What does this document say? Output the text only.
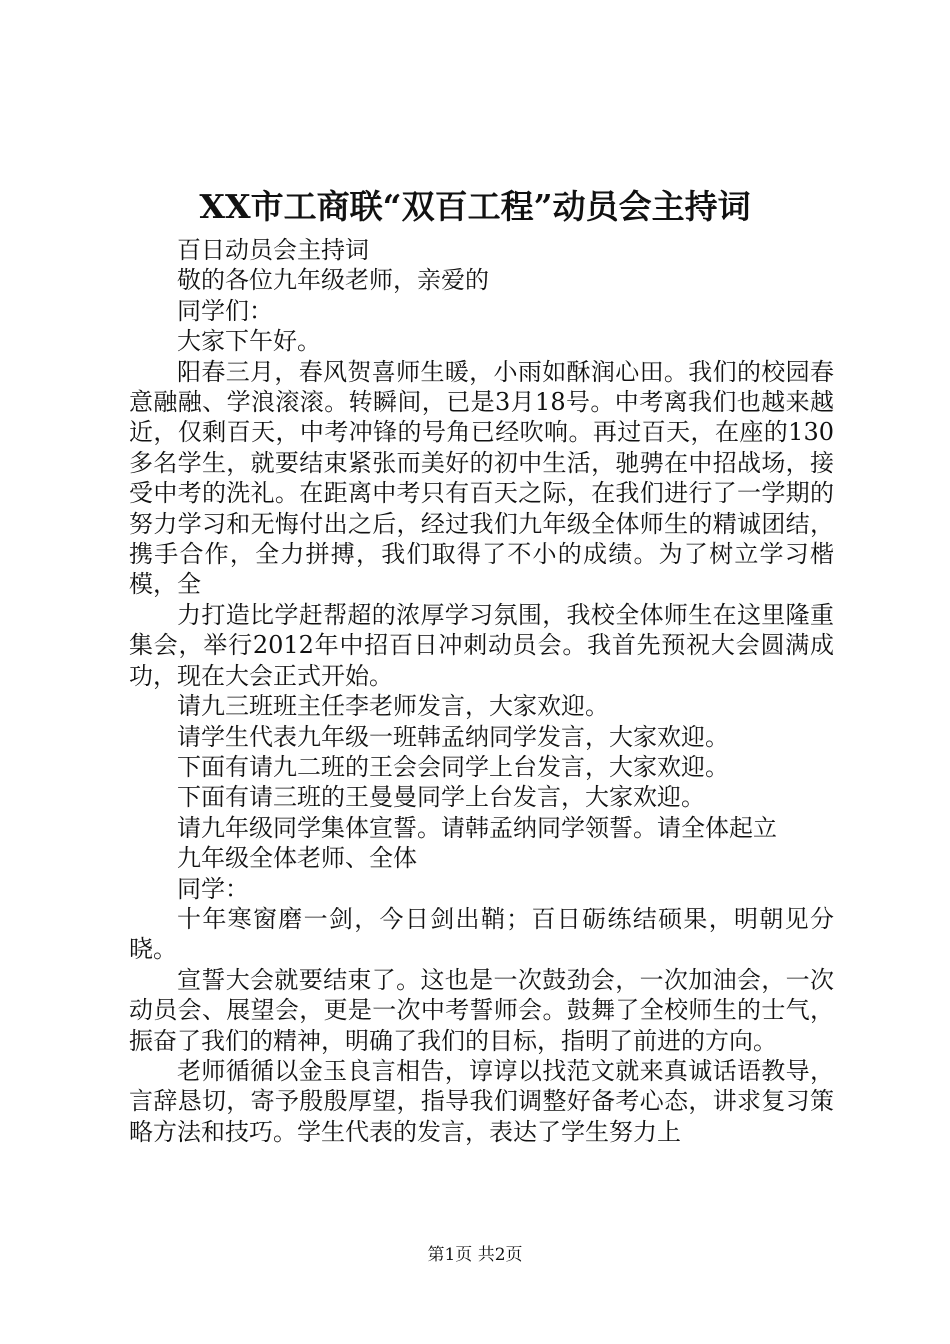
XX市工商联“双百工程”动员会主持词

百日动员会主持词

敬的各位九年级老师，亲爱的

同学们：

大家下午好。

阳春三月，春风贺喜师生暖，小雨如酥润心田。我们的校园春意融融、学浪滚滚。转瞬间，已是3月18号。中考离我们也越来越近，仅剩百天，中考冲锋的号角已经吹响。再过百天，在座的130多名学生，就要结束紧张而美好的初中生活，驰骋在中招战场，接受中考的洗礼。在距离中考只有百天之际，在我们进行了一学期的努力学习和无悔付出之后，经过我们九年级全体师生的精诚团结，携手合作，全力拼搏，我们取得了不小的成绩。为了树立学习楷模，全

力打造比学赶帮超的浓厚学习氛围，我校全体师生在这里隆重集会，举行2012年中招百日冲刺动员会。我首先预祝大会圆满成功，现在大会正式开始。

请九三班班主任李老师发言，大家欢迎。

请学生代表九年级一班韩孟纳同学发言，大家欢迎。

下面有请九二班的王会会同学上台发言，大家欢迎。

下面有请三班的王曼曼同学上台发言，大家欢迎。

请九年级同学集体宣誓。请韩孟纳同学领誓。请全体起立

九年级全体老师、全体

同学：

十年寒窗磨一剑，今日剑出鞘；百日砺练结硕果，明朝见分晓。

宣誓大会就要结束了。这也是一次鼓劲会，一次加油会，一次动员会、展望会，更是一次中考誓师会。鼓舞了全校师生的士气，振奋了我们的精神，明确了我们的目标，指明了前进的方向。

老师循循以金玉良言相告，谆谆以找范文就来真诚话语教导，言辞恳切，寄予殷殷厚望，指导我们调整好备考心态，讲求复习策略方法和技巧。学生代表的发言，表达了学生努力上

第1页 共2页
